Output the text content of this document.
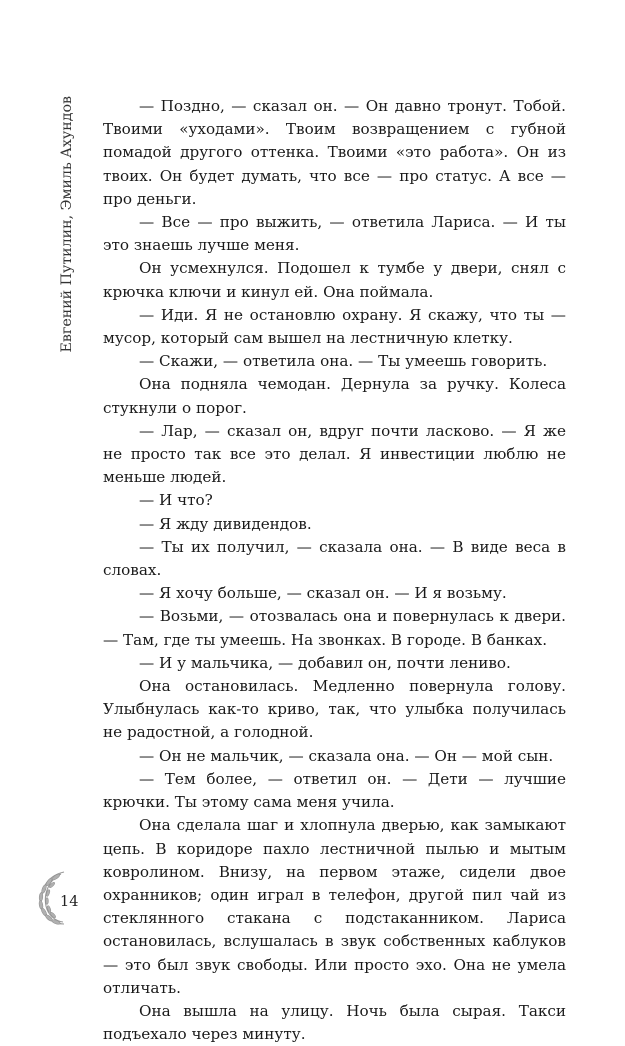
Евгений Путилин, Эмиль Ахундов	— Поздно, — сказал он. — Он давно тронут. Тобой. Твоими «уходами». Твоим возвращением с губной помадой другого оттенка. Твоими «это работа». Он из твоих. Он будет думать, что все — про статус. А все — про деньги.

— Все — про выжить, — ответила Лариса. — И ты это знаешь лучше меня.

Он усмехнулся. Подошел к тумбе у двери, снял с крючка ключи и кинул ей. Она поймала.

— Иди. Я не остановлю охрану. Я скажу, что ты — мусор, который сам вышел на лестничную клетку.

— Скажи, — ответила она. — Ты умеешь говорить.

Она подняла чемодан. Дернула за ручку. Колеса стукнули о порог.

— Лар, — сказал он, вдруг почти ласково. — Я же не просто так все это делал. Я инвестиции люблю не меньше людей.

— И что?

— Я жду дивидендов.

— Ты их получил, — сказала она. — В виде веса в словах.

— Я хочу больше, — сказал он. — И я возьму.

— Возьми, — отозвалась она и повернулась к двери. — Там, где ты умеешь. На звонках. В городе. В банках.

— И у мальчика, — добавил он, почти лениво.

Она остановилась. Медленно повернула голову. Улыбнулась как-то криво, так, что улыбка получилась не радостной, а голодной.

— Он не мальчик, — сказала она. — Он — мой сын.

— Тем более, — ответил он. — Дети — лучшие крючки. Ты этому сама меня учила.

Она сделала шаг и хлопнула дверью, как замыкают цепь. В коридоре пахло лестничной пылью и мытым ковролином. Внизу, на первом этаже, сидели двое охранников; один играл в телефон, другой пил чай из стеклянного стакана с подстаканником. Лариса остановилась, вслушалась в звук собственных каблуков — это был звук свободы. Или просто эхо. Она не умела отличать.

Она вышла на улицу. Ночь была сырая. Такси подъехало через минуту.

14
